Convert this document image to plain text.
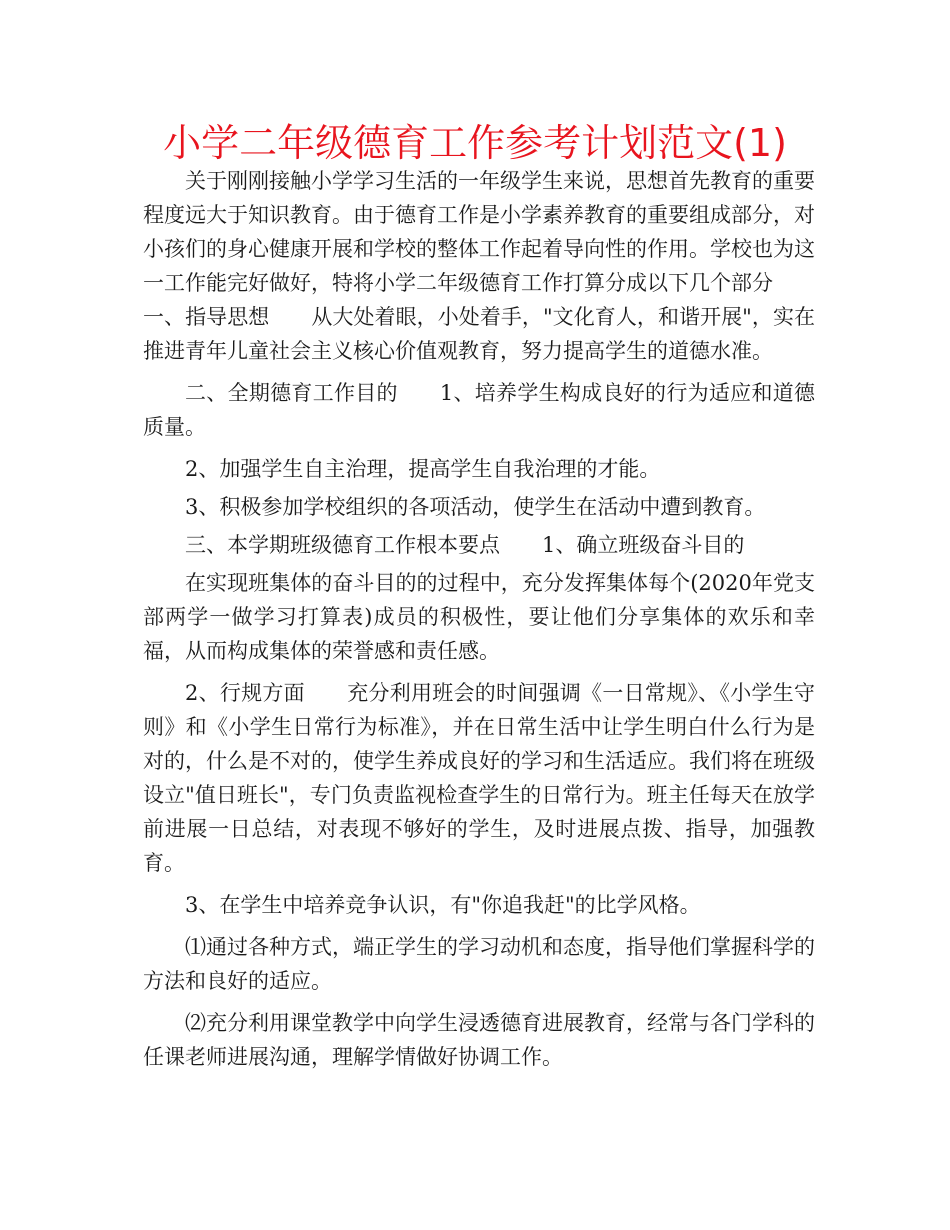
小学二年级德育工作参考计划范文(1)

关于刚刚接触小学学习生活的一年级学生来说，思想首先教育的重要程度远大于知识教育。由于德育工作是小学素养教育的重要组成部分，对小孩们的身心健康开展和学校的整体工作起着导向性的作用。学校也为这一工作能完好做好，特将小学二年级德育工作打算分成以下几个部分一、指导思想 从大处着眼，小处着手，"文化育人，和谐开展"，实在推进青年儿童社会主义核心价值观教育，努力提高学生的道德水准。

二、全期德育工作目的 1、培养学生构成良好的行为适应和道德质量。

2、加强学生自主治理，提高学生自我治理的才能。

3、积极参加学校组织的各项活动，使学生在活动中遭到教育。

三、本学期班级德育工作根本要点 1、确立班级奋斗目的

在实现班集体的奋斗目的的过程中，充分发挥集体每个(2020年党支部两学一做学习打算表)成员的积极性，要让他们分享集体的欢乐和幸福，从而构成集体的荣誉感和责任感。

2、行规方面 充分利用班会的时间强调《一日常规》、《小学生守则》和《小学生日常行为标准》，并在日常生活中让学生明白什么行为是对的，什么是不对的，使学生养成良好的学习和生活适应。我们将在班级设立"值日班长"，专门负责监视检查学生的日常行为。班主任每天在放学前进展一日总结，对表现不够好的学生，及时进展点拨、指导，加强教育。

3、在学生中培养竞争认识，有"你追我赶"的比学风格。

⑴通过各种方式，端正学生的学习动机和态度，指导他们掌握科学的方法和良好的适应。

⑵充分利用课堂教学中向学生浸透德育进展教育，经常与各门学科的任课老师进展沟通，理解学情做好协调工作。
